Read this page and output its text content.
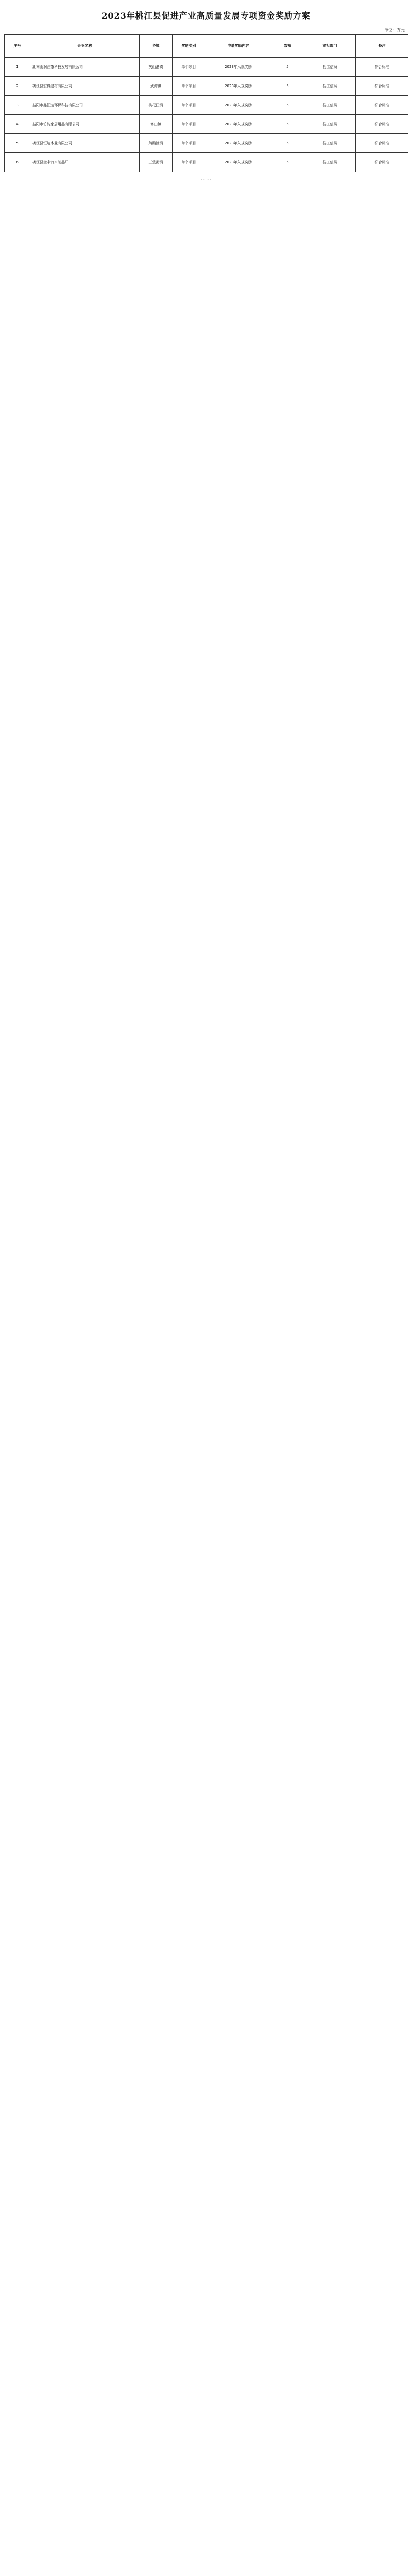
2023年桃江县促进产业高质量发展专项资金奖励方案
单位：万元
序号	企业名称	乡镇	奖励类别	申请奖励内容	数额	审批部门	备注
1	湖南山润油茶科技发展有限公司	灰山港镇	单个项目	2023年入规奖励	5	县工信局	符合标准
2	桃江县宏博建材有限公司	武潭镇	单个项目	2023年入规奖励	5	县工信局	符合标准
3	益阳市鑫汇达环保科技有限公司	桃花江镇	单个项目	2023年入规奖励	5	县工信局	符合标准
4	益阳市竹韵家居用品有限公司	修山镇	单个项目	2023年入规奖励	5	县工信局	符合标准
5	桃江县恒达木业有限公司	鸬鹚渡镇	单个项目	2023年入规奖励	5	县工信局	符合标准
6	桃江县金丰竹木制品厂	三堂街镇	单个项目	2023年入规奖励	5	县工信局	符合标准
……
